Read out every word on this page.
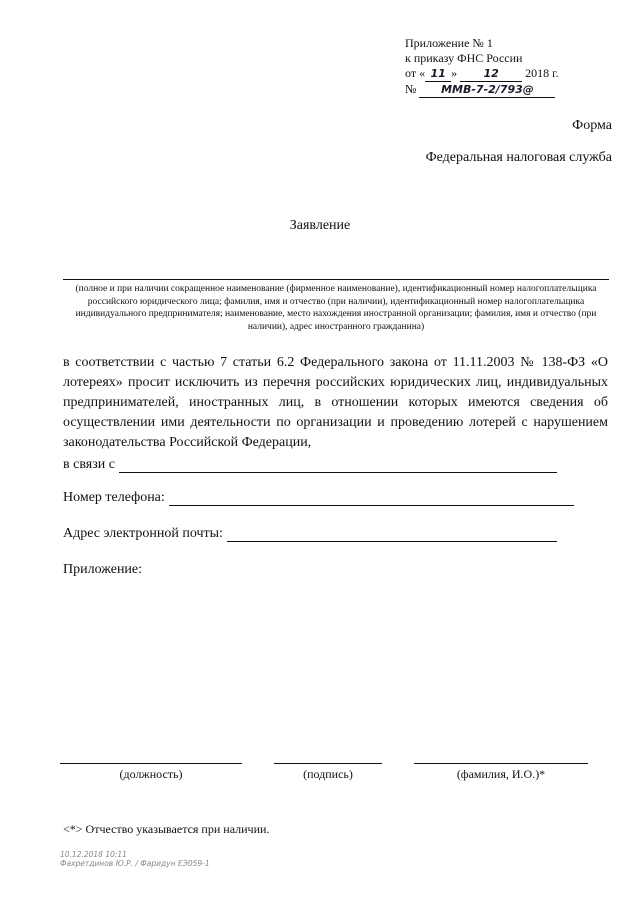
Приложение № 1
к приказу ФНС России
от « 11 » 12 2018 г.
№ ММВ-7-2/793@
Форма
Федеральная налоговая служба
Заявление
(полное и при наличии сокращенное наименование (фирменное наименование), идентификационный номер налогоплательщика российского юридического лица; фамилия, имя и отчество (при наличии), идентификационный номер налогоплательщика индивидуального предпринимателя; наименование, место нахождения иностранной организации; фамилия, имя и отчество (при наличии), адрес иностранного гражданина)
в соответствии с частью 7 статьи 6.2 Федерального закона от 11.11.2003 № 138-ФЗ «О лотереях» просит исключить из перечня российских юридических лиц, индивидуальных предпринимателей, иностранных лиц, в отношении которых имеются сведения об осуществлении ими деятельности по организации и проведению лотерей с нарушением законодательства Российской Федерации,
в связи с
Номер телефона:
Адрес электронной почты:
Приложение:
(должность)	(подпись)	(фамилия, И.О.)*
<*> Отчество указывается при наличии.
10.12.2018 10:11
Фахретдинов Ю.Р. / Фаридун ЕЭ059-1
